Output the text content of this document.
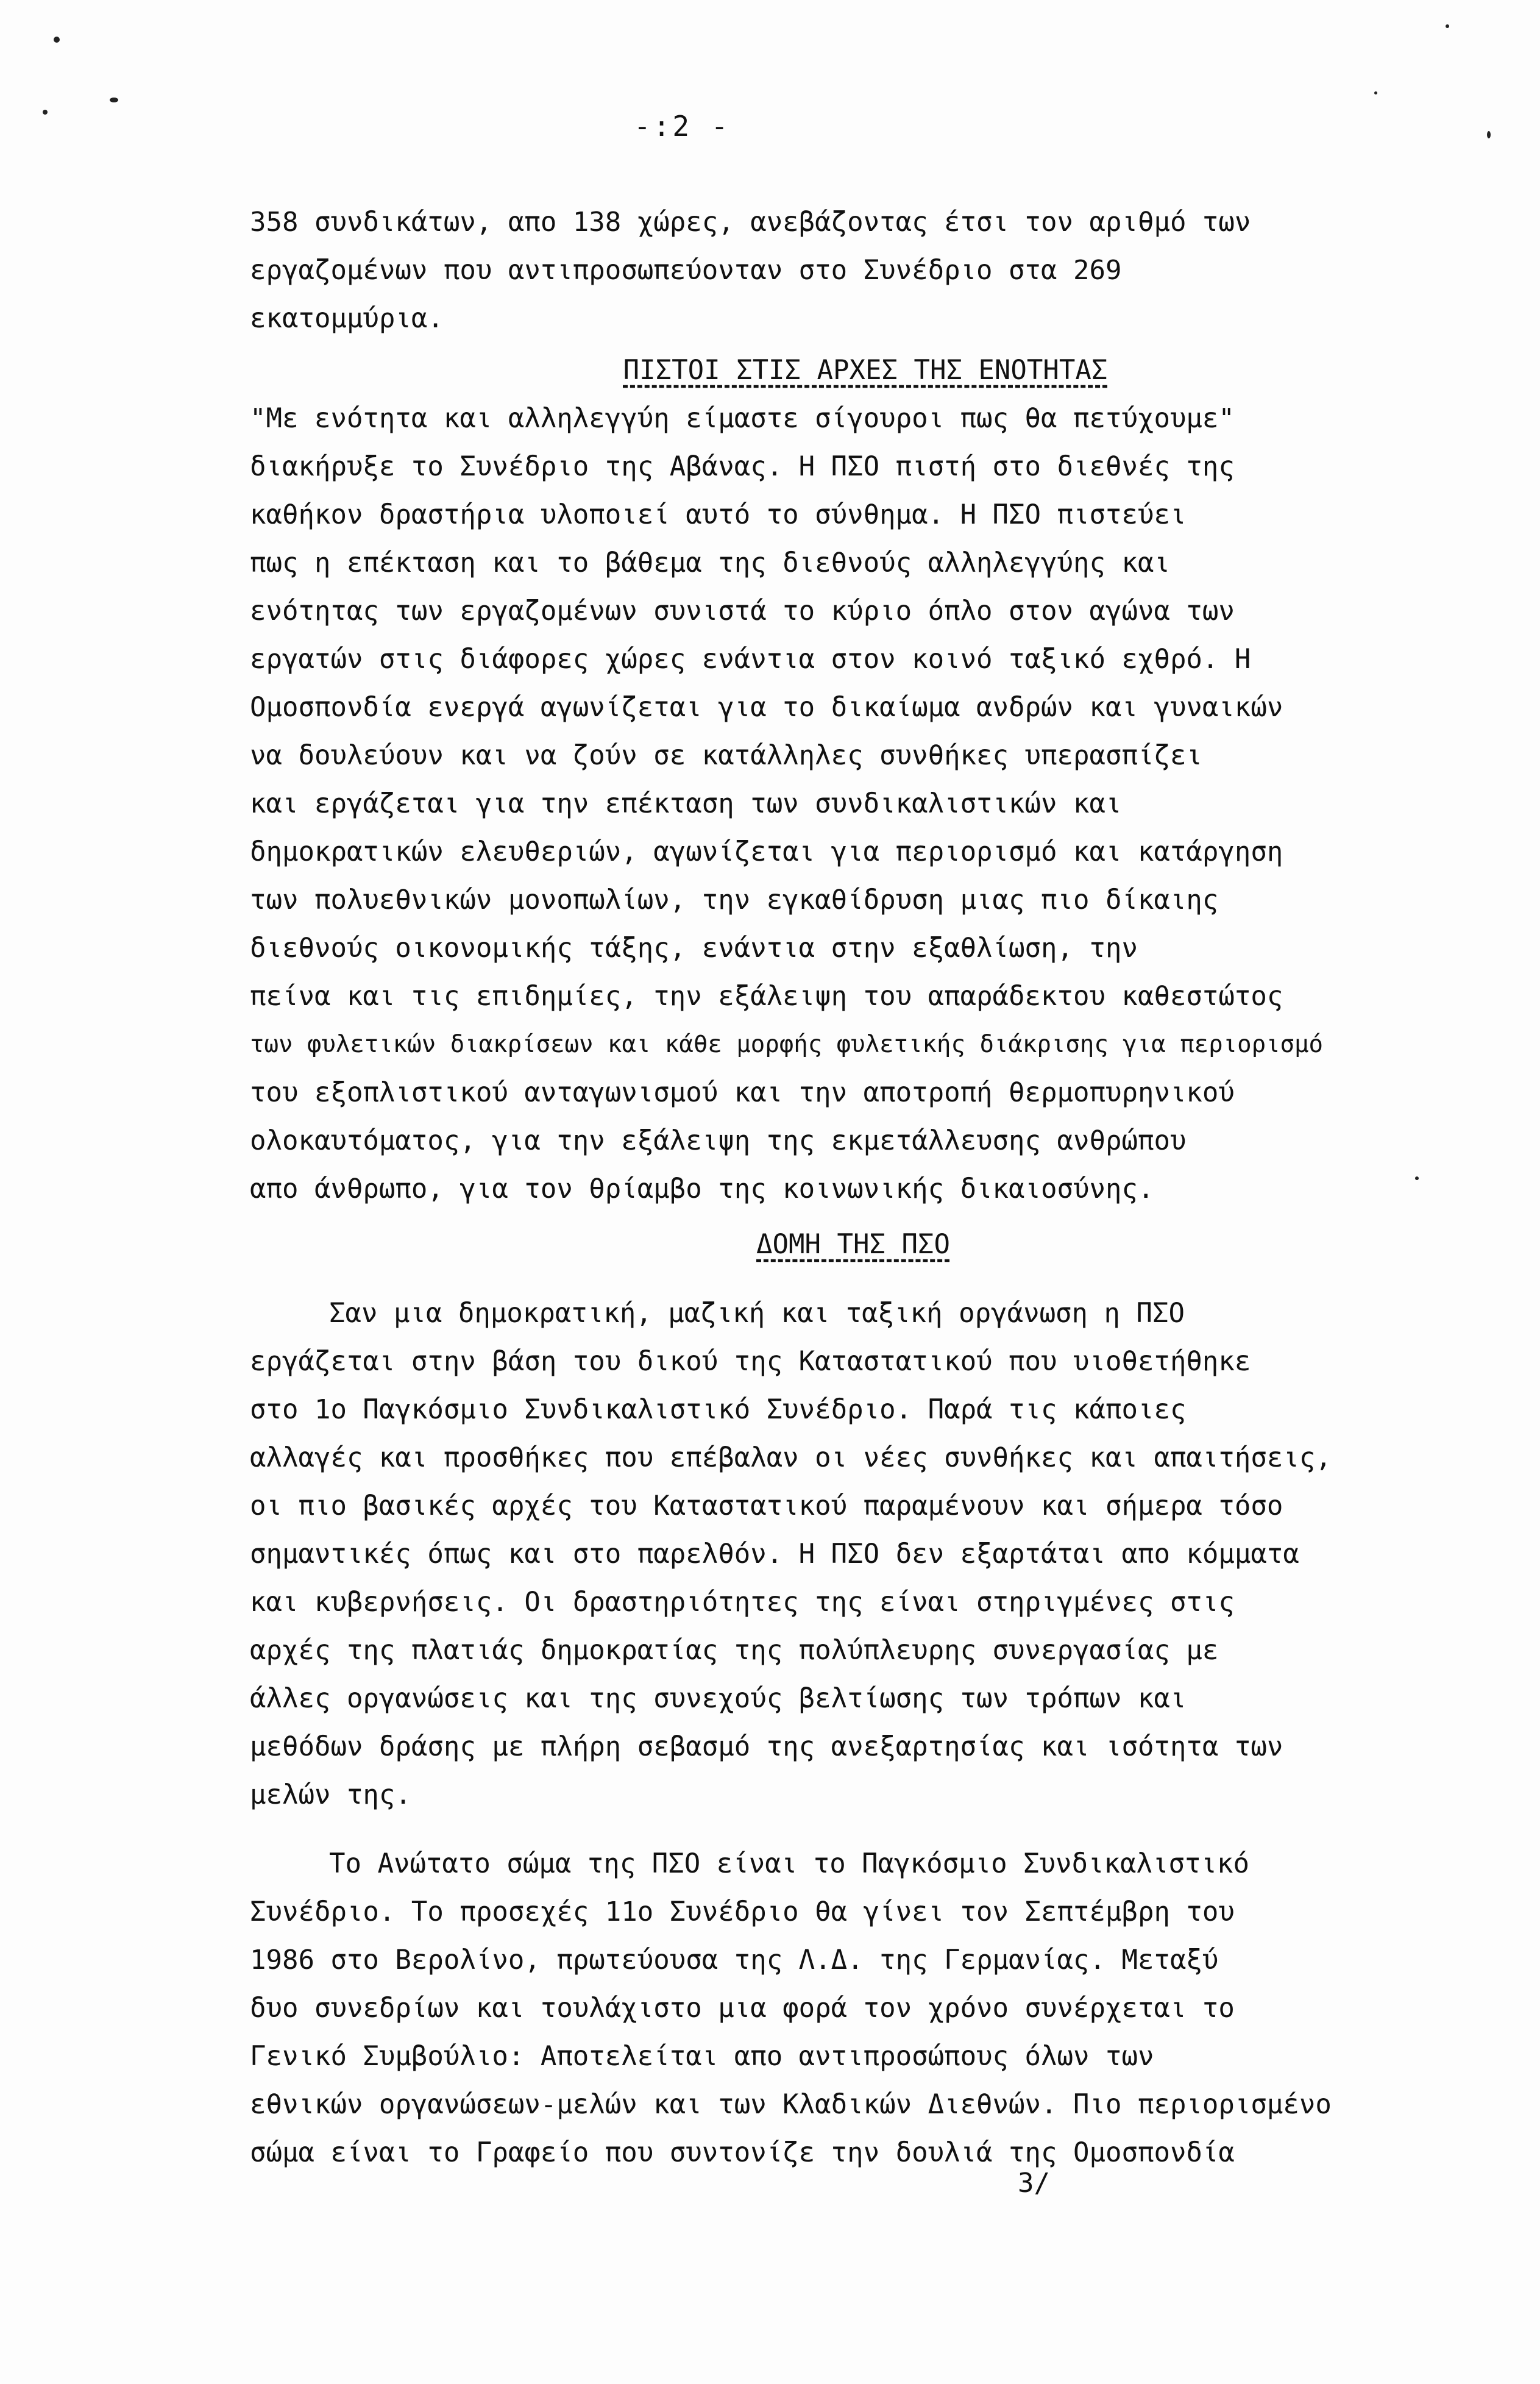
-:2 -
358 συνδικάτων, απο 138 χώρες, ανεβάζοντας έτσι τον αριθμό των
εργαζομένων που αντιπροσωπεύονταν στο Συνέδριο στα 269
εκατομμύρια.
ΠΙΣΤΟΙ ΣΤΙΣ ΑΡΧΕΣ ΤΗΣ ΕΝΟΤΗΤΑΣ
"Με ενότητα και αλληλεγγύη είμαστε σίγουροι πως θα πετύχουμε"
διακήρυξε το Συνέδριο της Αβάνας. Η ΠΣΟ πιστή στο διεθνές της
καθήκον δραστήρια υλοποιεί αυτό το σύνθημα. Η ΠΣΟ πιστεύει
πως η επέκταση και το βάθεμα της διεθνούς αλληλεγγύης και
ενότητας των εργαζομένων συνιστά το κύριο όπλο στον αγώνα των
εργατών στις διάφορες χώρες ενάντια στον κοινό ταξικό εχθρό. Η
Ομοσπονδία ενεργά αγωνίζεται για το δικαίωμα ανδρών και γυναικών
να δουλεύουν και να ζούν σε κατάλληλες συνθήκες υπερασπίζει
και εργάζεται για την επέκταση των συνδικαλιστικών και
δημοκρατικών ελευθεριών, αγωνίζεται για περιορισμό και κατάργηση
των πολυεθνικών μονοπωλίων, την εγκαθίδρυση μιας πιο δίκαιης
διεθνούς οικονομικής τάξης, ενάντια στην εξαθλίωση, την
πείνα και τις επιδημίες, την εξάλειψη του απαράδεκτου καθεστώτος
των φυλετικών διακρίσεων και κάθε μορφής φυλετικής διάκρισης για περιορισμό
του εξοπλιστικού ανταγωνισμού και την αποτροπή θερμοπυρηνικού
ολοκαυτόματος, για την εξάλειψη της εκμετάλλευσης ανθρώπου
απο άνθρωπο, για τον θρίαμβο της κοινωνικής δικαιοσύνης.
ΔΟΜΗ ΤΗΣ ΠΣΟ
Σαν μια δημοκρατική, μαζική και ταξική οργάνωση η ΠΣΟ
εργάζεται στην βάση του δικού της Καταστατικού που υιοθετήθηκε
στο 1ο Παγκόσμιο Συνδικαλιστικό Συνέδριο. Παρά τις κάποιες
αλλαγές και προσθήκες που επέβαλαν οι νέες συνθήκες και απαιτήσεις,
οι πιο βασικές αρχές του Καταστατικού παραμένουν και σήμερα τόσο
σημαντικές όπως και στο παρελθόν. Η ΠΣΟ δεν εξαρτάται απο κόμματα
και κυβερνήσεις. Οι δραστηριότητες της είναι στηριγμένες στις
αρχές της πλατιάς δημοκρατίας της πολύπλευρης συνεργασίας με
άλλες οργανώσεις και της συνεχούς βελτίωσης των τρόπων και
μεθόδων δράσης με πλήρη σεβασμό της ανεξαρτησίας και ισότητα των
μελών της.
Το Ανώτατο σώμα της ΠΣΟ είναι το Παγκόσμιο Συνδικαλιστικό
Συνέδριο. Το προσεχές 11ο Συνέδριο θα γίνει τον Σεπτέμβρη του
1986 στο Βερολίνο, πρωτεύουσα της Λ.Δ. της Γερμανίας. Μεταξύ
δυο συνεδρίων και τουλάχιστο μια φορά τον χρόνο συνέρχεται το
Γενικό Συμβούλιο: Αποτελείται απο αντιπροσώπους όλων των
εθνικών οργανώσεων-μελών και των Κλαδικών Διεθνών. Πιο περιορισμένο
σώμα είναι το Γραφείο που συντονίζε την δουλιά της Ομοσπονδία
3/
